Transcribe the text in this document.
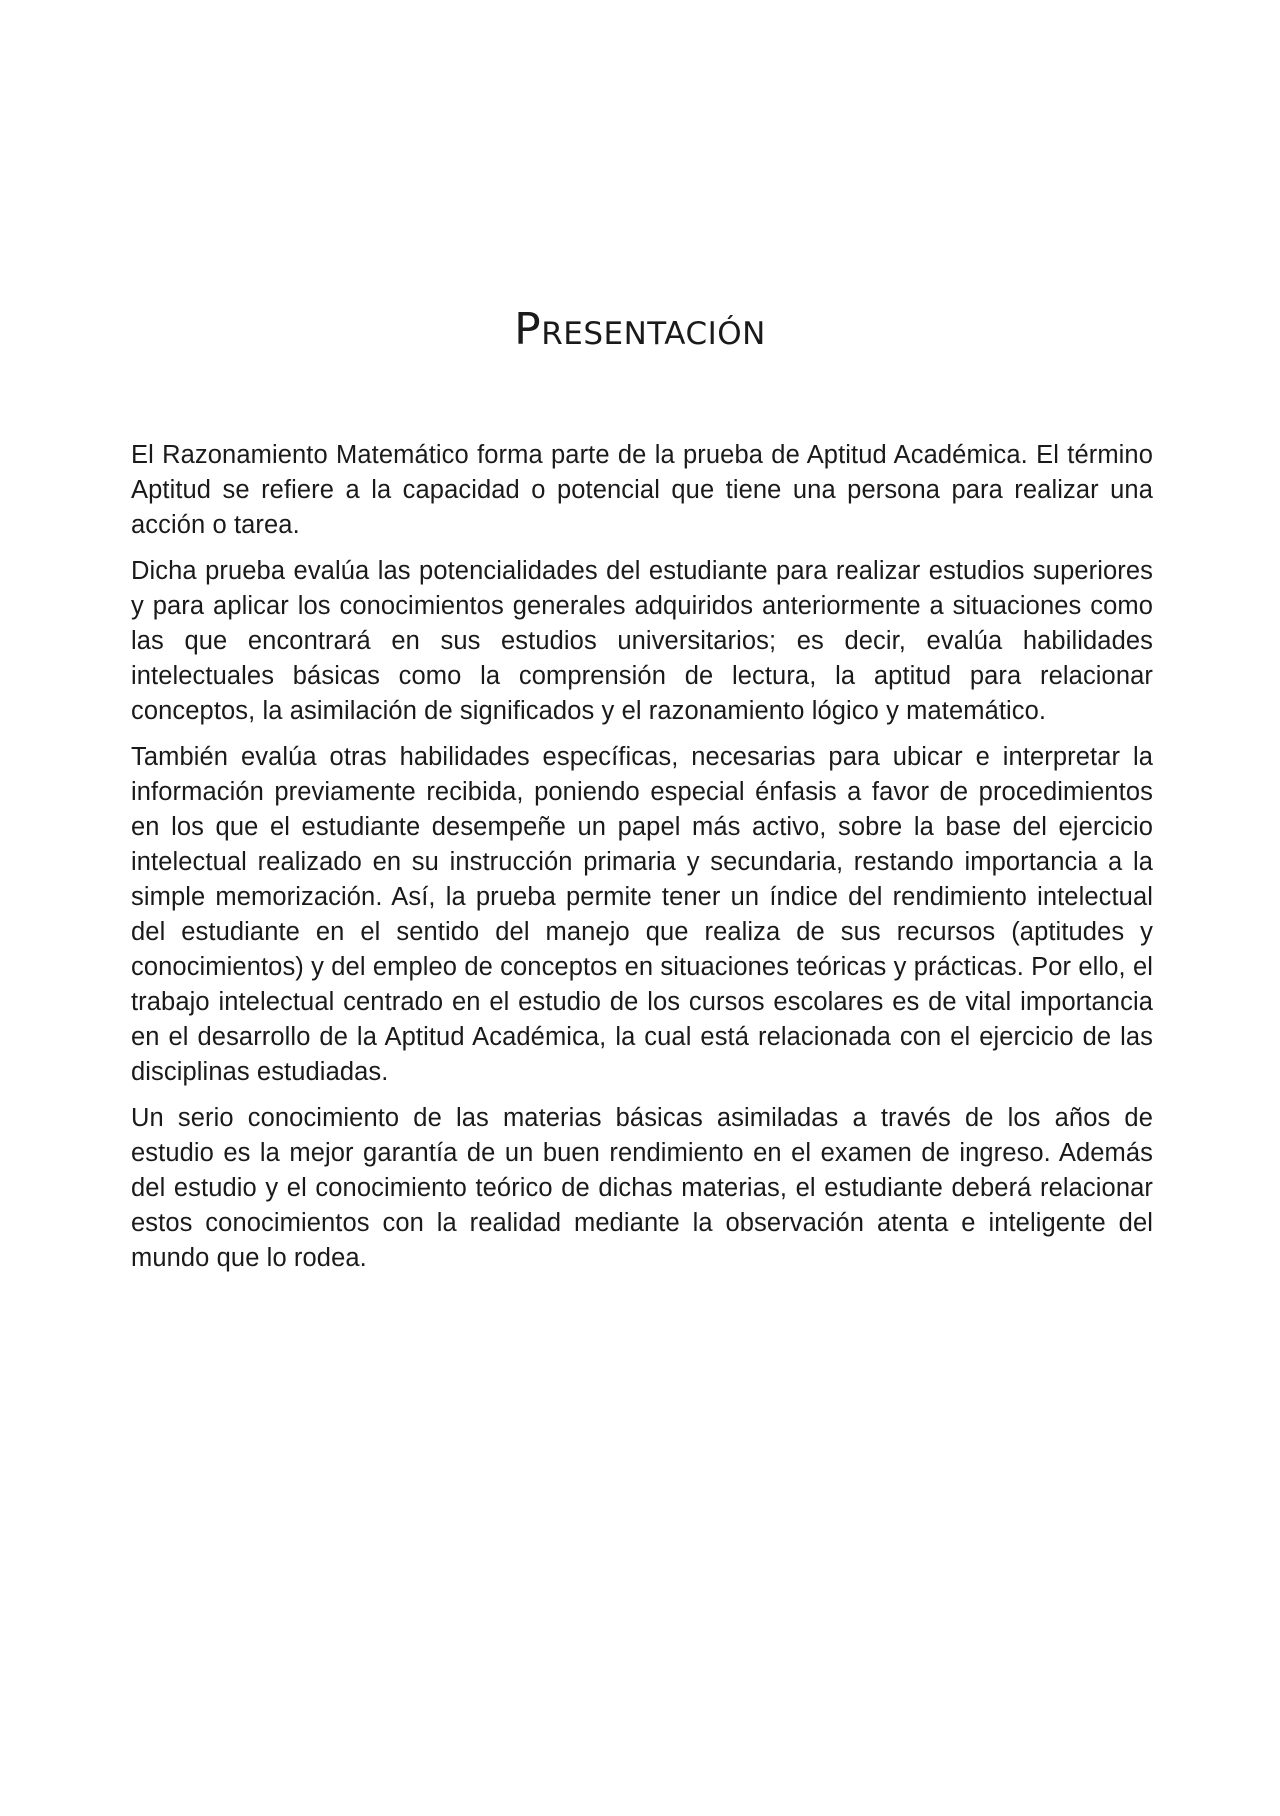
Presentación

El Razonamiento Matemático forma parte de la prueba de Aptitud Académica. El término Aptitud se refiere a la capacidad o potencial que tiene una persona para realizar una acción o tarea.

Dicha prueba evalúa las potencialidades del estudiante para realizar estudios superiores y para aplicar los conocimientos generales adquiridos anteriormente a situaciones como las que encontrará en sus estudios universitarios; es decir, evalúa habilidades intelectuales básicas como la comprensión de lectura, la aptitud para relacionar conceptos, la asimilación de significados y el razonamiento lógico y matemático.

También evalúa otras habilidades específicas, necesarias para ubicar e interpretar la información previamente recibida, poniendo especial énfasis a favor de procedimientos en los que el estudiante desempeñe un papel más activo, sobre la base del ejercicio intelectual realizado en su instrucción primaria y secundaria, restando importancia a la simple memorización. Así, la prueba permite tener un índice del rendimiento intelectual del estudiante en el sentido del manejo que realiza de sus recursos (aptitudes y conocimientos) y del empleo de conceptos en situaciones teóricas y prácticas. Por ello, el trabajo intelectual centrado en el estudio de los cursos escolares es de vital importancia en el desarrollo de la Aptitud Académica, la cual está relacionada con el ejercicio de las disciplinas estudiadas.

Un serio conocimiento de las materias básicas asimiladas a través de los años de estudio es la mejor garantía de un buen rendimiento en el examen de ingreso. Además del estudio y el conocimiento teórico de dichas materias, el estudiante deberá relacionar estos conocimientos con la realidad mediante la observación atenta e inteligente del mundo que lo rodea.
